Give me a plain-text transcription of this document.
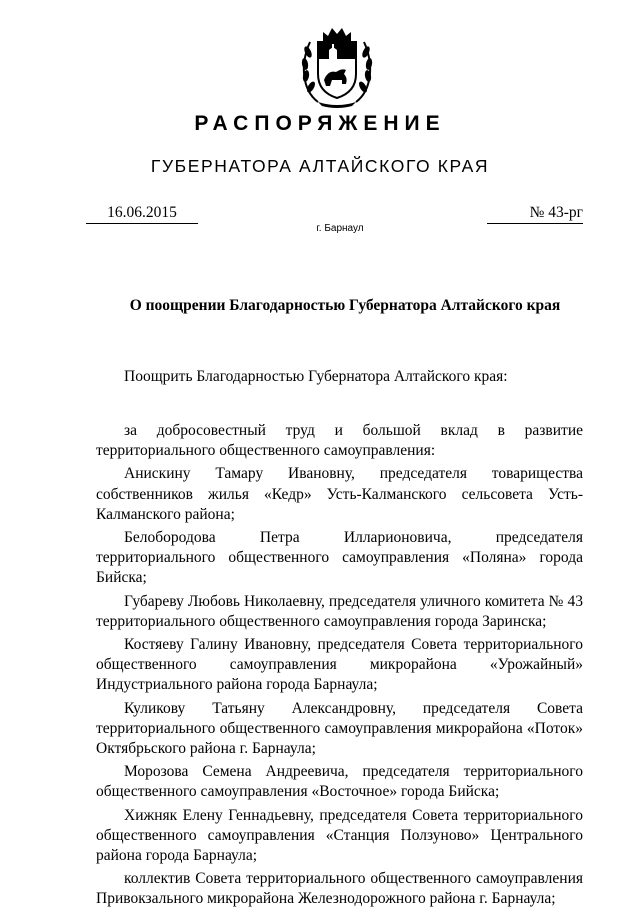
РАСПОРЯЖЕНИЕ
ГУБЕРНАТОРА АЛТАЙСКОГО КРАЯ
16.06.2015	№ 43-рг
г. Барнаул
О поощрении Благодарностью Губернатора Алтайского края
Поощрить Благодарностью Губернатора Алтайского края:

за добросовестный труд и большой вклад в развитие территориального общественного самоуправления:

Анискину Тамару Ивановну, председателя товарищества собственников жилья «Кедр» Усть-Калманского сельсовета Усть-Калманского района;

Белобородова Петра Илларионовича, председателя территориального общественного самоуправления «Поляна» города Бийска;

Губареву Любовь Николаевну, председателя уличного комитета № 43 территориального общественного самоуправления города Заринска;

Костяеву Галину Ивановну, председателя Совета территориального общественного самоуправления микрорайона «Урожайный» Индустриального района города Барнаула;

Куликову Татьяну Александровну, председателя Совета территориального общественного самоуправления микрорайона «Поток» Октябрьского района г. Барнаула;

Морозова Семена Андреевича, председателя территориального общественного самоуправления «Восточное» города Бийска;

Хижняк Елену Геннадьевну, председателя Совета территориального общественного самоуправления «Станция Ползуново» Центрального района города Барнаула;

коллектив Совета территориального общественного самоуправления Привокзального микрорайона Железнодорожного района г. Барнаула;
